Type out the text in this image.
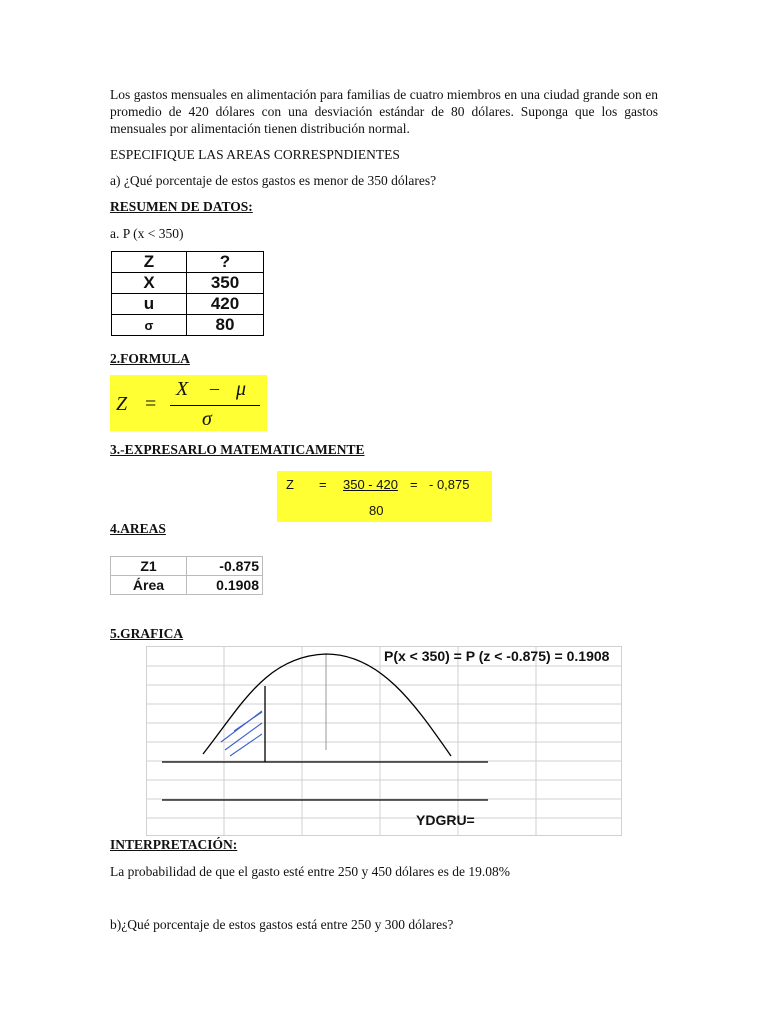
Los gastos mensuales en alimentación para familias de cuatro miembros en una ciudad grande son en promedio de 420 dólares con una desviación estándar de 80 dólares. Suponga que los gastos mensuales por alimentación tienen distribución normal.
ESPECIFIQUE LAS AREAS CORRESPNDIENTES
a) ¿Qué porcentaje de estos gastos es menor de 350 dólares?
RESUMEN DE DATOS:
a. P (x < 350)
Z	?
X	350
u	420
σ	80
2.FORMULA
Z =
X – μ
σ
3.-EXPRESARLO MATEMATICAMENTE
Z = 350 - 420 = - 0,875
80
4.AREAS
Z1	-0.875
Área	0.1908
5.GRAFICA
P(x < 350) = P (z < -0.875) = 0.1908
YDGRU=
INTERPRETACIÓN:
La probabilidad de que el gasto esté entre 250 y 450 dólares es de 19.08%
b)¿Qué porcentaje de estos gastos está entre 250 y 300 dólares?
